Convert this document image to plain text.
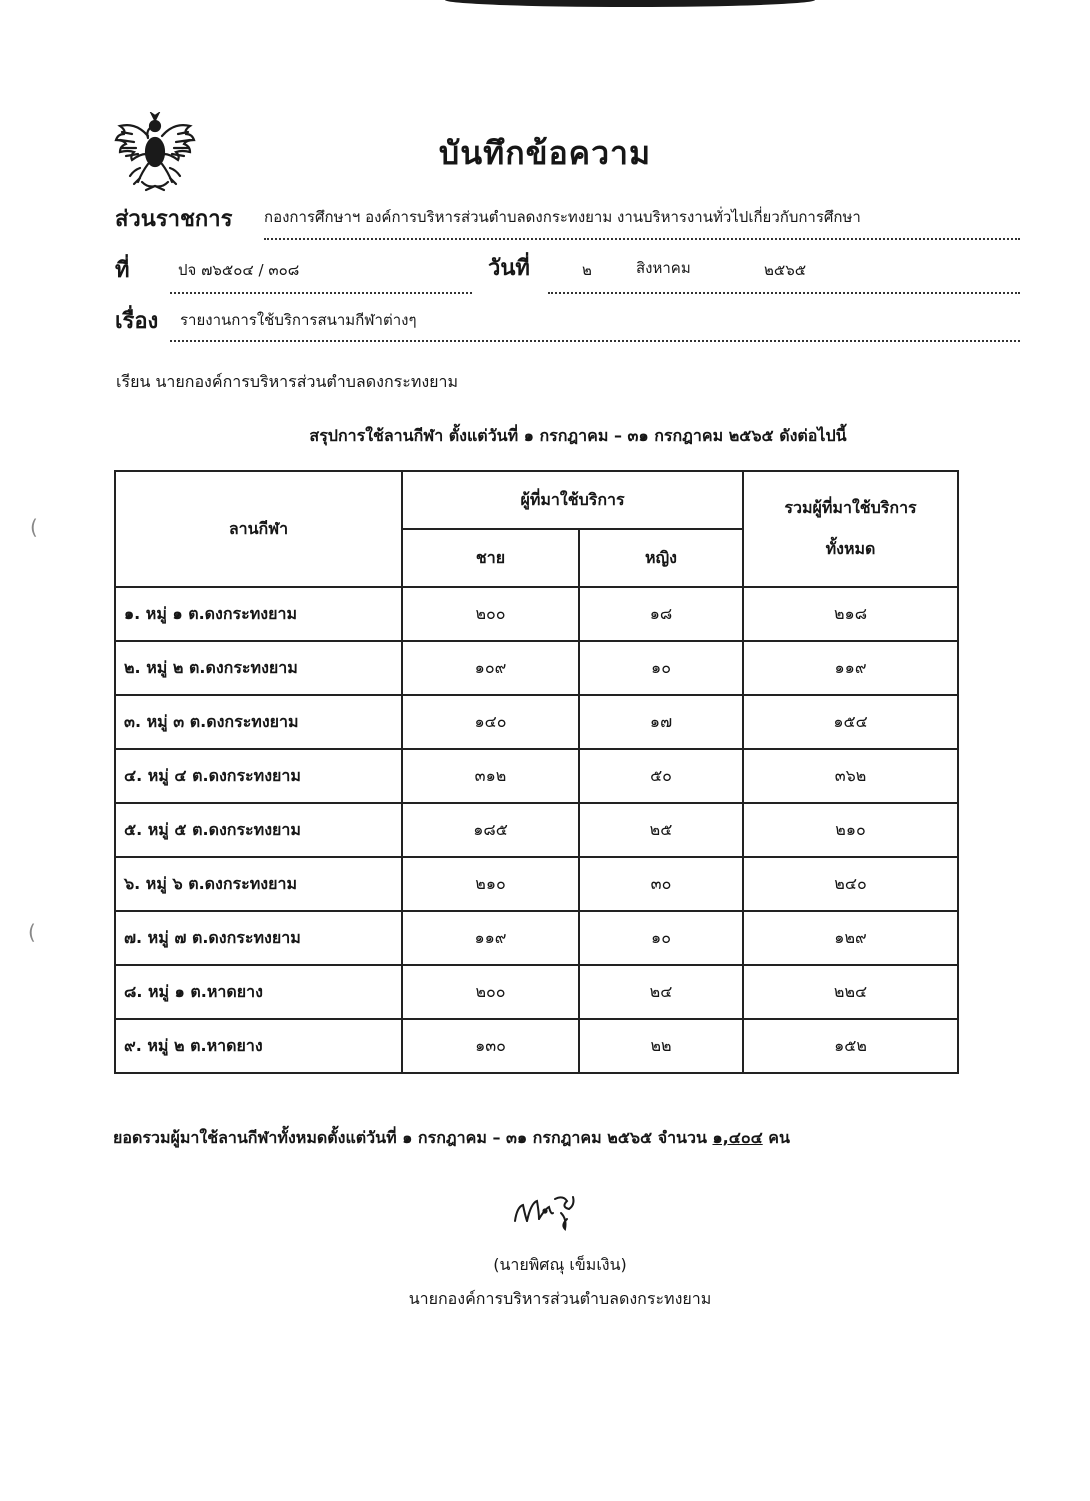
บันทึกข้อความ
ส่วนราชการ กองการศึกษาฯ องค์การบริหารส่วนตำบลดงกระทงยาม งานบริหารงานทั่วไปเกี่ยวกับการศึกษา
ที่	ปจ ๗๖๕๐๔ / ๓๐๘	วันที่	๒	สิงหาคม	๒๕๖๕
เรื่อง รายงานการใช้บริการสนามกีฬาต่างๆ
เรียน นายกองค์การบริหารส่วนตำบลดงกระทงยาม
สรุปการใช้ลานกีฬา ตั้งแต่วันที่ ๑ กรกฎาคม – ๓๑ กรกฎาคม ๒๕๖๕ ดังต่อไปนี้
ลานกีฬา	ผู้ที่มาใช้บริการ		รวมผู้ที่มาใช้บริการ
ทั้งหมด

	ชาย	หญิง	
๑. หมู่ ๑ ต.ดงกระทงยาม	๒๐๐	๑๘	๒๑๘
๒. หมู่ ๒ ต.ดงกระทงยาม	๑๐๙	๑๐	๑๑๙
๓. หมู่ ๓ ต.ดงกระทงยาม	๑๔๐	๑๗	๑๕๔
๔. หมู่ ๔ ต.ดงกระทงยาม	๓๑๒	๕๐	๓๖๒
๕. หมู่ ๕ ต.ดงกระทงยาม	๑๘๕	๒๕	๒๑๐
๖. หมู่ ๖ ต.ดงกระทงยาม	๒๑๐	๓๐	๒๔๐
๗. หมู่ ๗ ต.ดงกระทงยาม	๑๑๙	๑๐	๑๒๙
๘. หมู่ ๑ ต.หาดยาง	๒๐๐	๒๔	๒๒๔
๙. หมู่ ๒ ต.หาดยาง	๑๓๐	๒๒	๑๕๒
ยอดรวมผู้มาใช้ลานกีฬาทั้งหมดตั้งแต่วันที่ ๑ กรกฎาคม – ๓๑ กรกฎาคม ๒๕๖๕ จำนวน ๑,๔๐๔ คน
(นายพิศณุ เข็มเงิน)
นายกองค์การบริหารส่วนตำบลดงกระทงยาม
(
(
